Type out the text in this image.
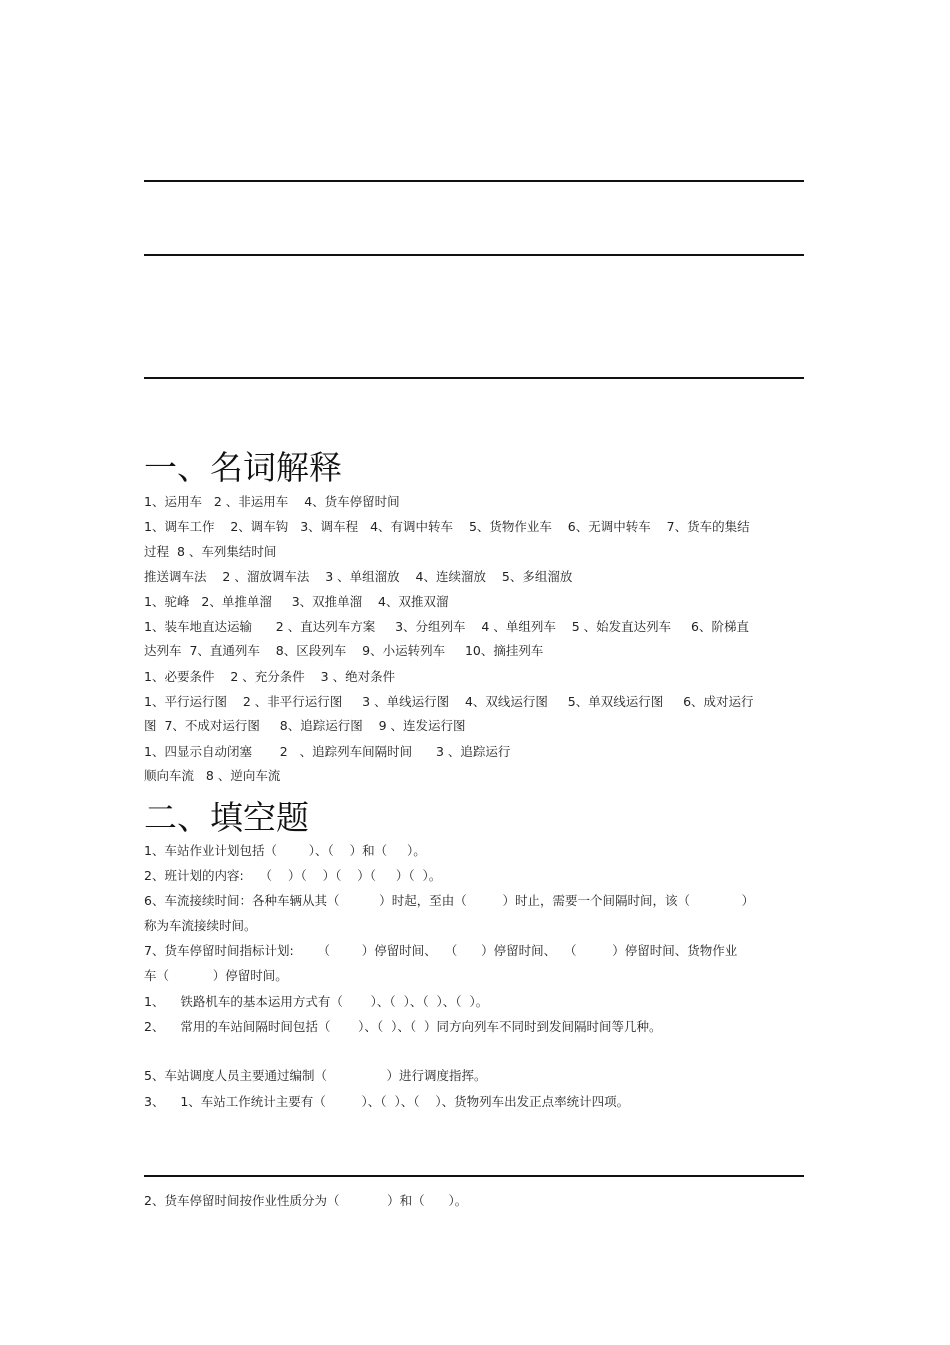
一、名词解释

1、运用车   2 、非运用车    4、货车停留时间

1、调车工作    2、调车钩   3、调车程   4、有调中转车    5、货物作业车    6、无调中转车    7、货车的集结

过程  8 、车列集结时间

推送调车法    2 、溜放调车法    3 、单组溜放    4、连续溜放    5、多组溜放

1、驼峰   2、单推单溜     3、双推单溜    4、双推双溜

1、装车地直达运输      2 、直达列车方案     3、分组列车    4 、单组列车    5 、始发直达列车     6、阶梯直

达列车  7、直通列车    8、区段列车    9、小运转列车     10、摘挂列车

1、必要条件    2 、充分条件    3 、绝对条件

1、平行运行图    2 、非平行运行图     3 、单线运行图    4、双线运行图     5、单双线运行图     6、成对运行

图  7、不成对运行图     8、追踪运行图    9 、连发运行图

1、四显示自动闭塞       2   、追踪列车间隔时间      3 、追踪运行

顺向车流   8 、逆向车流

二、填空题

1、车站作业计划包括（        ）、（    ）和（     ）。

2、班计划的内容:    （    ）（    ）（    ）（     ）（  ）。

6、车流接续时间：各种车辆从其（          ）时起，至由（         ）时止，需要一个间隔时间，该（             ）

称为车流接续时间。

7、货车停留时间指标计划:      （        ）停留时间、  （      ）停留时间、  （         ）停留时间、货物作业

车（           ）停留时间。

1、    铁路机车的基本运用方式有（       ）、（  ）、（  ）、（  ）。

2、    常用的车站间隔时间包括（       ）、（  ）、（  ）同方向列车不同时到发间隔时间等几种。

5、车站调度人员主要通过编制（               ）进行调度指挥。

3、    1、车站工作统计主要有（         ）、（  ）、（    ）、货物列车出发正点率统计四项。

2、货车停留时间按作业性质分为（            ）和（      ）。
